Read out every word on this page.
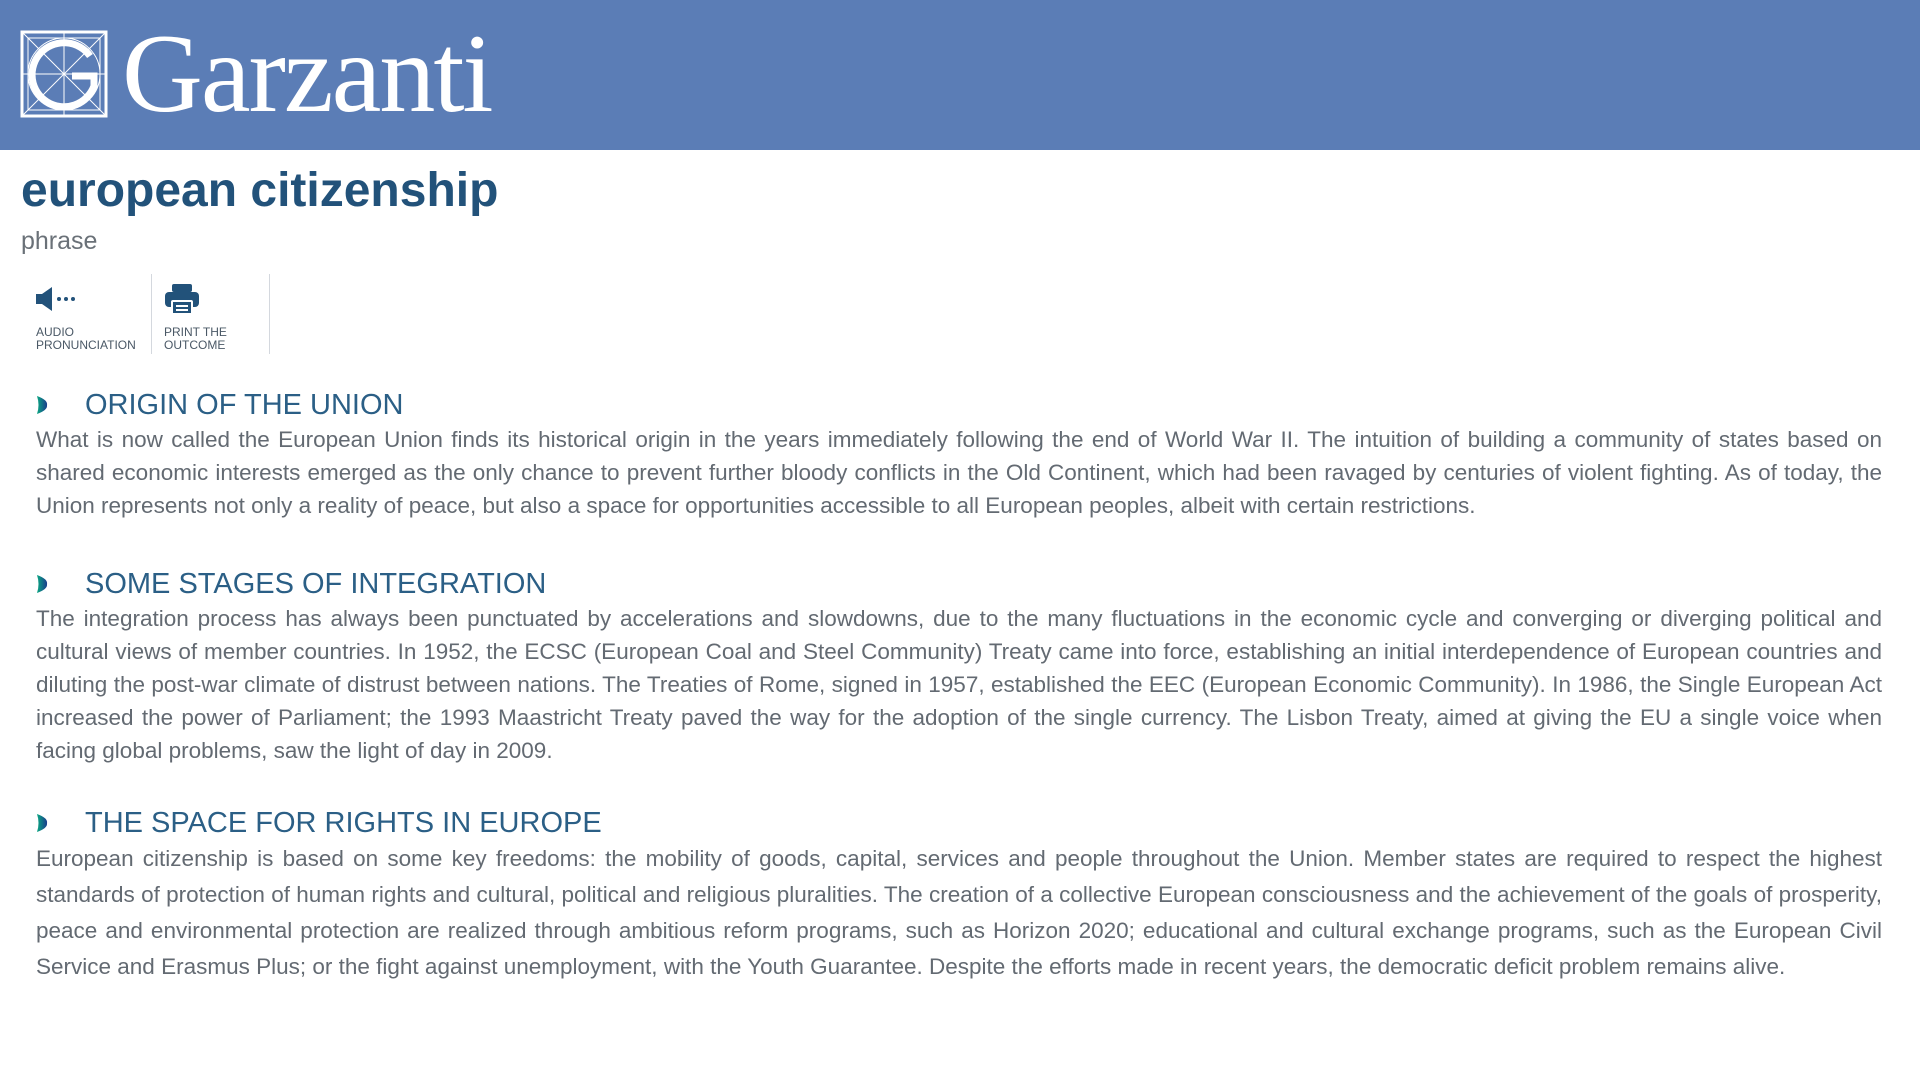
Garzanti
european citizenship
phrase
AUDIO PRONUNCIATION
PRINT THE OUTCOME
ORIGIN OF THE UNION

What is now called the European Union finds its historical origin in the years immediately following the end of World War II. The intuition of building a community of states based on shared economic interests emerged as the only chance to prevent further bloody conflicts in the Old Continent, which had been ravaged by centuries of violent fighting. As of today, the Union represents not only a reality of peace, but also a space for opportunities accessible to all European peoples, albeit with certain restrictions.

SOME STAGES OF INTEGRATION

The integration process has always been punctuated by accelerations and slowdowns, due to the many fluctuations in the economic cycle and converging or diverging political and cultural views of member countries. In 1952, the ECSC (European Coal and Steel Community) Treaty came into force, establishing an initial interdependence of European countries and diluting the post-war climate of distrust between nations. The Treaties of Rome, signed in 1957, established the EEC (European Economic Community). In 1986, the Single European Act increased the power of Parliament; the 1993 Maastricht Treaty paved the way for the adoption of the single currency. The Lisbon Treaty, aimed at giving the EU a single voice when facing global problems, saw the light of day in 2009.

THE SPACE FOR RIGHTS IN EUROPE

European citizenship is based on some key freedoms: the mobility of goods, capital, services and people throughout the Union. Member states are required to respect the highest standards of protection of human rights and cultural, political and religious pluralities. The creation of a collective European consciousness and the achievement of the goals of prosperity, peace and environmental protection are realized through ambitious reform programs, such as Horizon 2020; educational and cultural exchange programs, such as the European Civil Service and Erasmus Plus; or the fight against unemployment, with the Youth Guarantee. Despite the efforts made in recent years, the democratic deficit problem remains alive.
